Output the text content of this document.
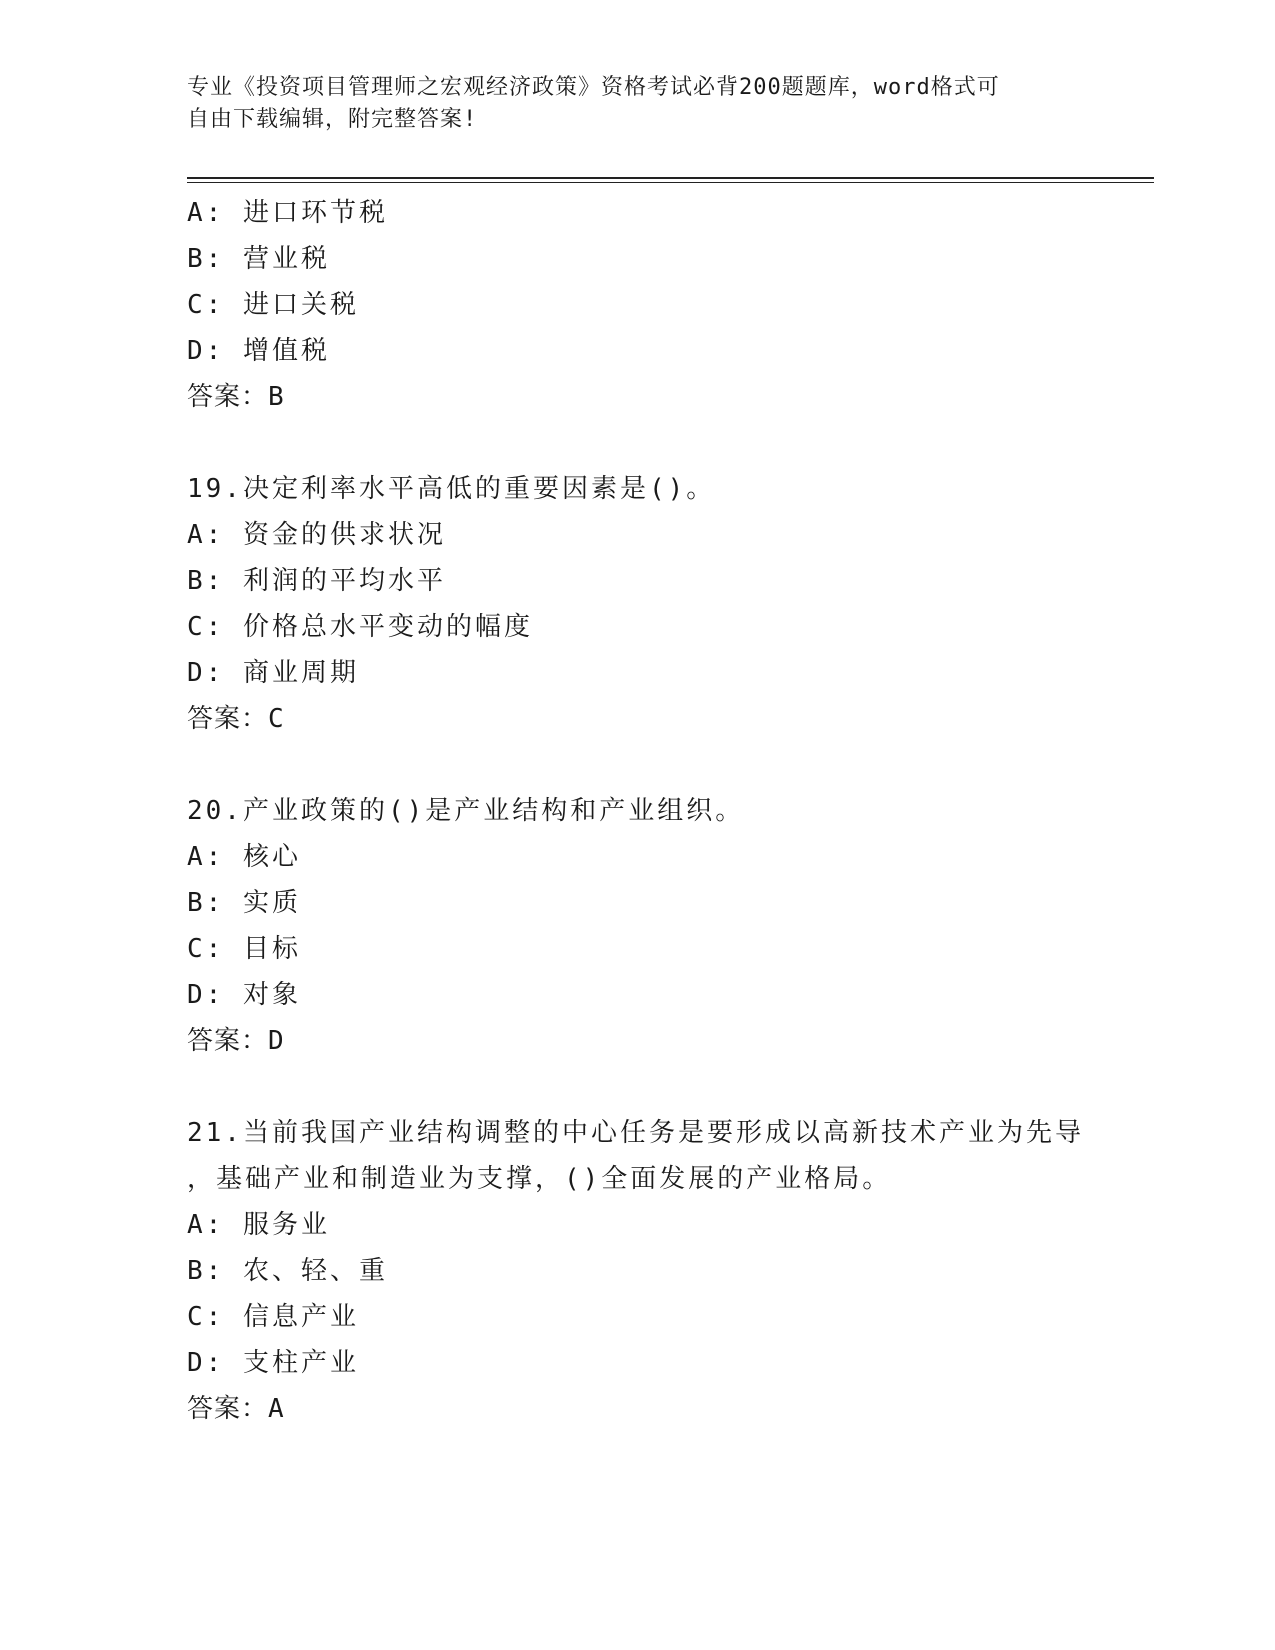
专业《投资项目管理师之宏观经济政策》资格考试必背200题题库，word格式可
自由下载编辑，附完整答案!
A: 进口环节税
B: 营业税
C: 进口关税
D: 增值税
答案：B
19.决定利率水平高低的重要因素是()。
A: 资金的供求状况
B: 利润的平均水平
C: 价格总水平变动的幅度
D: 商业周期
答案：C
20.产业政策的()是产业结构和产业组织。
A: 核心
B: 实质
C: 目标
D: 对象
答案：D
21.当前我国产业结构调整的中心任务是要形成以高新技术产业为先导
，基础产业和制造业为支撑，()全面发展的产业格局。
A: 服务业
B: 农、轻、重
C: 信息产业
D: 支柱产业
答案：A
